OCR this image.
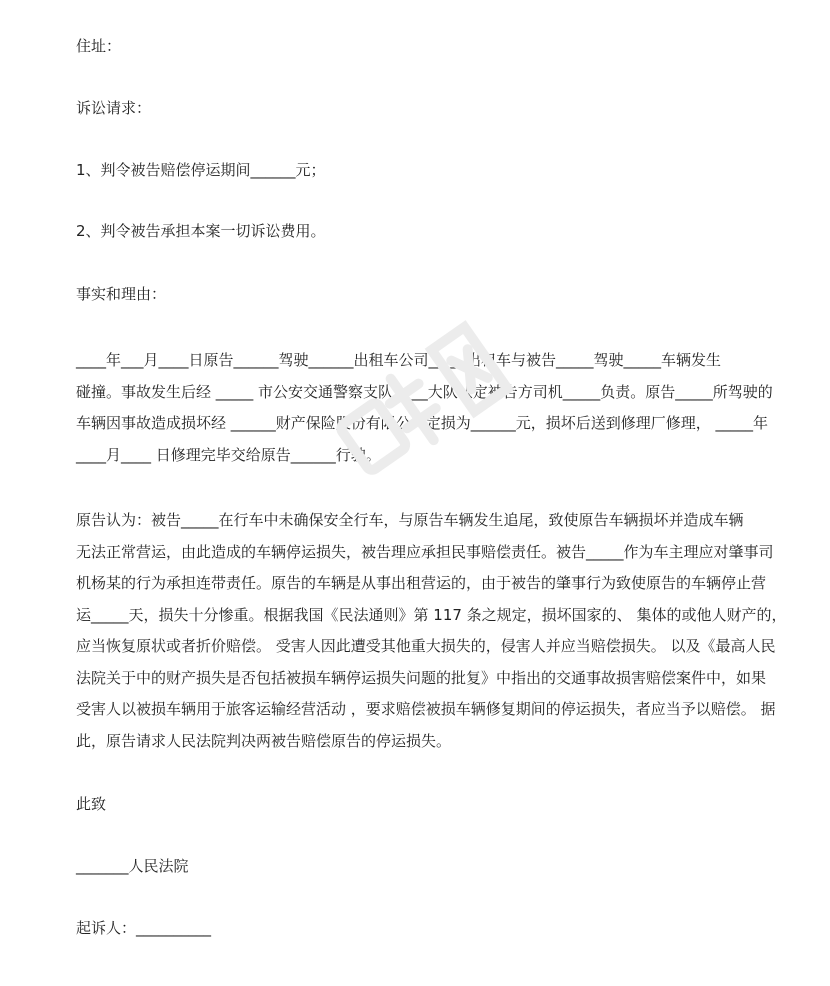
住址：
诉讼请求：
1、判令被告赔偿停运期间______元；
2、判令被告承担本案一切诉讼费用。
事实和理由：
____年___月____日原告______驾驶______出租车公司_____出租车与被告_____驾驶_____车辆发生
碰撞。事故发生后经 _____ 市公安交通警察支队 ____大队认定被告方司机_____负责。原告_____所驾驶的
车辆因事故造成损坏经 ______财产保险股份有限公司定损为______元，损坏后送到修理厂修理， _____年
____月____ 日修理完毕交给原告______行驶。
原告认为：被告_____在行车中未确保安全行车，与原告车辆发生追尾，致使原告车辆损坏并造成车辆
无法正常营运，由此造成的车辆停运损失，被告理应承担民事赔偿责任。被告_____作为车主理应对肇事司
机杨某的行为承担连带责任。原告的车辆是从事出租营运的，由于被告的肇事行为致使原告的车辆停止营
运_____天，损失十分惨重。根据我国《民法通则》第 117 条之规定，损坏国家的、 集体的或他人财产的，
应当恢复原状或者折价赔偿。 受害人因此遭受其他重大损失的，侵害人并应当赔偿损失。 以及《最高人民
法院关于中的财产损失是否包括被损车辆停运损失问题的批复》中指出的交通事故损害赔偿案件中，如果
受害人以被损车辆用于旅客运输经营活动 ，要求赔偿被损车辆修复期间的停运损失，者应当予以赔偿。 据
此，原告请求人民法院判决两被告赔偿原告的停运损失。
此致
_______人民法院
起诉人：__________
